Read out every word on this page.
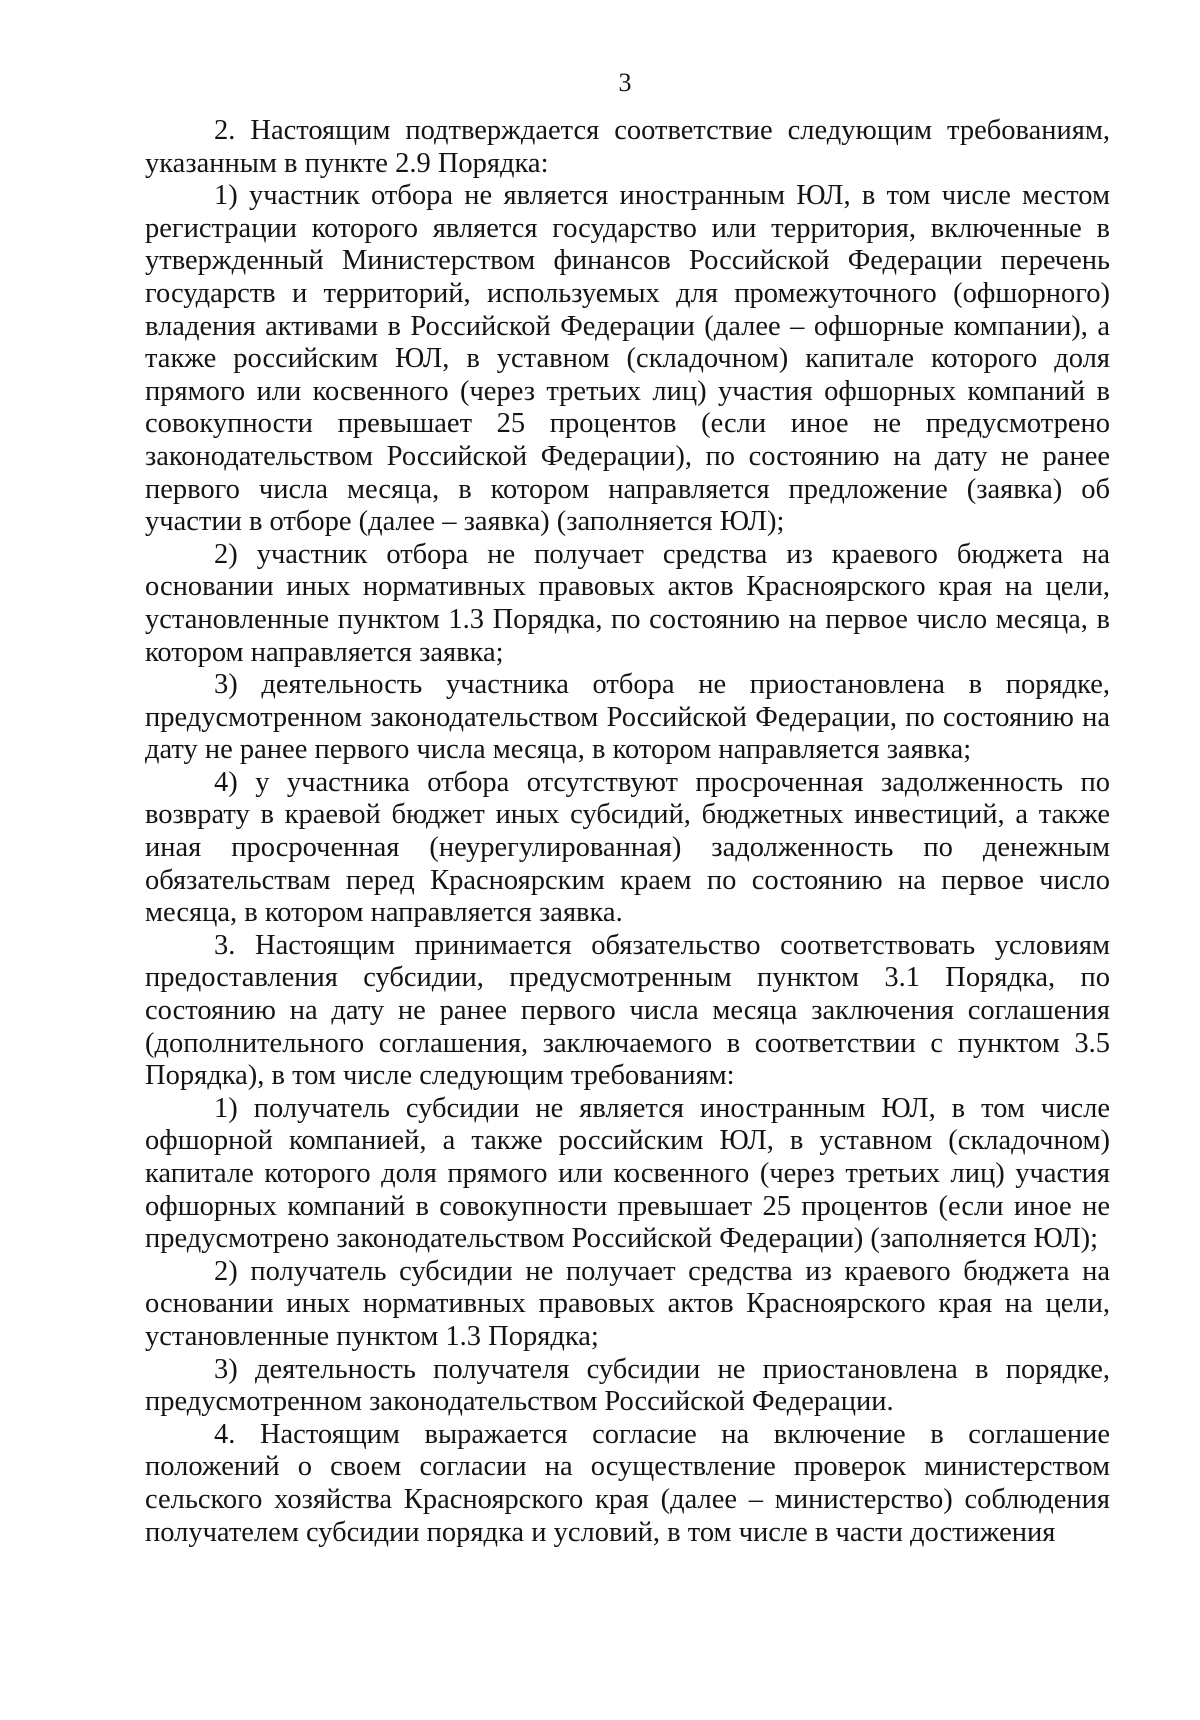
3

2. Настоящим подтверждается соответствие следующим требованиям, указанным в пункте 2.9 Порядка:

1) участник отбора не является иностранным ЮЛ, в том числе местом регистрации которого является государство или территория, включенные в утвержденный Министерством финансов Российской Федерации перечень государств и территорий, используемых для промежуточного (офшорного) владения активами в Российской Федерации (далее – офшорные компании), а также российским ЮЛ, в уставном (складочном) капитале которого доля прямого или косвенного (через третьих лиц) участия офшорных компаний в совокупности превышает 25 процентов (если иное не предусмотрено законодательством Российской Федерации), по состоянию на дату не ранее первого числа месяца, в котором направляется предложение (заявка) об участии в отборе (далее – заявка) (заполняется ЮЛ);

2) участник отбора не получает средства из краевого бюджета на основании иных нормативных правовых актов Красноярского края на цели, установленные пунктом 1.3 Порядка, по состоянию на первое число месяца, в котором направляется заявка;

3) деятельность участника отбора не приостановлена в порядке, предусмотренном законодательством Российской Федерации, по состоянию на дату не ранее первого числа месяца, в котором направляется заявка;

4) у участника отбора отсутствуют просроченная задолженность по возврату в краевой бюджет иных субсидий, бюджетных инвестиций, а также иная просроченная (неурегулированная) задолженность по денежным обязательствам перед Красноярским краем по состоянию на первое число месяца, в котором направляется заявка.

3. Настоящим принимается обязательство соответствовать условиям предоставления субсидии, предусмотренным пунктом 3.1 Порядка, по состоянию на дату не ранее первого числа месяца заключения соглашения (дополнительного соглашения, заключаемого в соответствии с пунктом 3.5 Порядка), в том числе следующим требованиям:

1) получатель субсидии не является иностранным ЮЛ, в том числе офшорной компанией, а также российским ЮЛ, в уставном (складочном) капитале которого доля прямого или косвенного (через третьих лиц) участия офшорных компаний в совокупности превышает 25 процентов (если иное не предусмотрено законодательством Российской Федерации) (заполняется ЮЛ);

2) получатель субсидии не получает средства из краевого бюджета на основании иных нормативных правовых актов Красноярского края на цели, установленные пунктом 1.3 Порядка;

3) деятельность получателя субсидии не приостановлена в порядке, предусмотренном законодательством Российской Федерации.

4. Настоящим выражается согласие на включение в соглашение положений о своем согласии на осуществление проверок министерством сельского хозяйства Красноярского края (далее – министерство) соблюдения получателем субсидии порядка и условий, в том числе в части достижения
